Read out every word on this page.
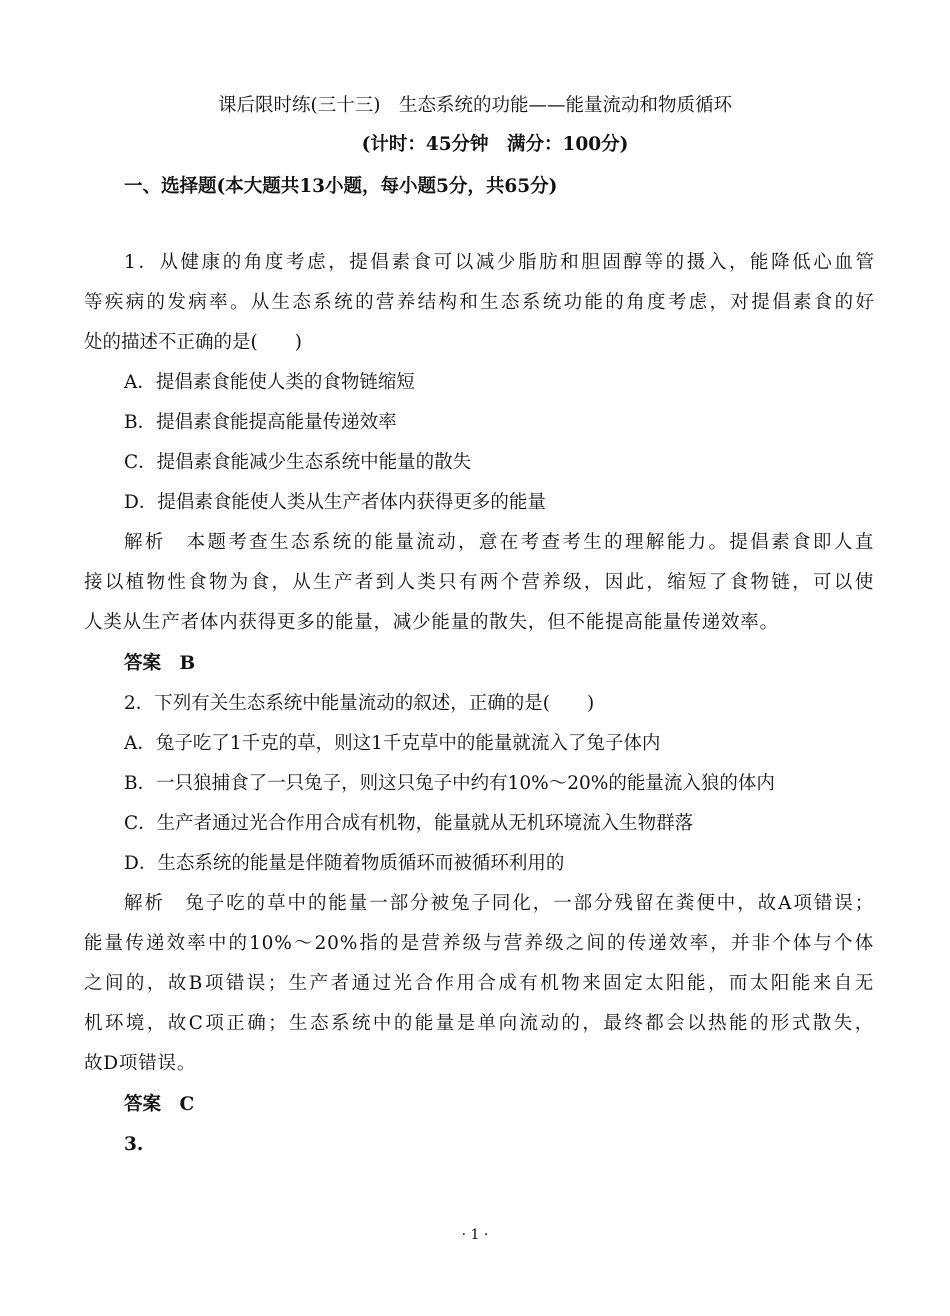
课后限时练(三十三)　生态系统的功能——能量流动和物质循环
(计时：45分钟　满分：100分)
一、选择题(本大题共13小题，每小题5分，共65分)
1．从健康的角度考虑，提倡素食可以减少脂肪和胆固醇等的摄入，能降低心血管
等疾病的发病率。从生态系统的营养结构和生态系统功能的角度考虑，对提倡素食的好
处的描述不正确的是(　　)
A．提倡素食能使人类的食物链缩短
B．提倡素食能提高能量传递效率
C．提倡素食能减少生态系统中能量的散失
D．提倡素食能使人类从生产者体内获得更多的能量
解析　本题考查生态系统的能量流动，意在考查考生的理解能力。提倡素食即人直
接以植物性食物为食，从生产者到人类只有两个营养级，因此，缩短了食物链，可以使
人类从生产者体内获得更多的能量，减少能量的散失，但不能提高能量传递效率。
答案　B
2．下列有关生态系统中能量流动的叙述，正确的是(　　)
A．兔子吃了1千克的草，则这1千克草中的能量就流入了兔子体内
B．一只狼捕食了一只兔子，则这只兔子中约有10%～20%的能量流入狼的体内
C．生产者通过光合作用合成有机物，能量就从无机环境流入生物群落
D．生态系统的能量是伴随着物质循环而被循环利用的
解析　兔子吃的草中的能量一部分被兔子同化，一部分残留在粪便中，故A项错误；
能量传递效率中的10%～20%指的是营养级与营养级之间的传递效率，并非个体与个体
之间的，故B项错误；生产者通过光合作用合成有机物来固定太阳能，而太阳能来自无
机环境，故C项正确；生态系统中的能量是单向流动的，最终都会以热能的形式散失，
故D项错误。
答案　C
3.
· 1 ·
